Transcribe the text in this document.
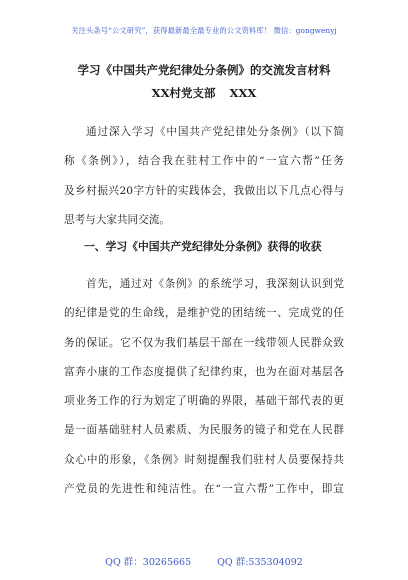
关注头条号“公文研究”，获得最新最全最专业的公文资料库！ 微信：gongwenyj
学习《中国共产党纪律处分条例》的交流发言材料
XX村党支部 XXX
通过深入学习《中国共产党纪律处分条例》（以下简
称《条例》），结合我在驻村工作中的“一宣六帮”任务
及乡村振兴20字方针的实践体会，我做出以下几点心得与
思考与大家共同交流。
一、学习《中国共产党纪律处分条例》获得的收获
首先，通过对《条例》的系统学习，我深刻认识到党
的纪律是党的生命线，是维护党的团结统一、完成党的任
务的保证。它不仅为我们基层干部在一线带领人民群众致
富奔小康的工作态度提供了纪律约束，也为在面对基层各
项业务工作的行为划定了明确的界限，基础干部代表的更
是一面基础驻村人员素质、为民服务的镜子和党在人民群
众心中的形象，《条例》时刻提醒我们驻村人员要保持共
产党员的先进性和纯洁性。在“一宣六帮”工作中，即宣
QQ 群：30265665	QQ 群:535304092
